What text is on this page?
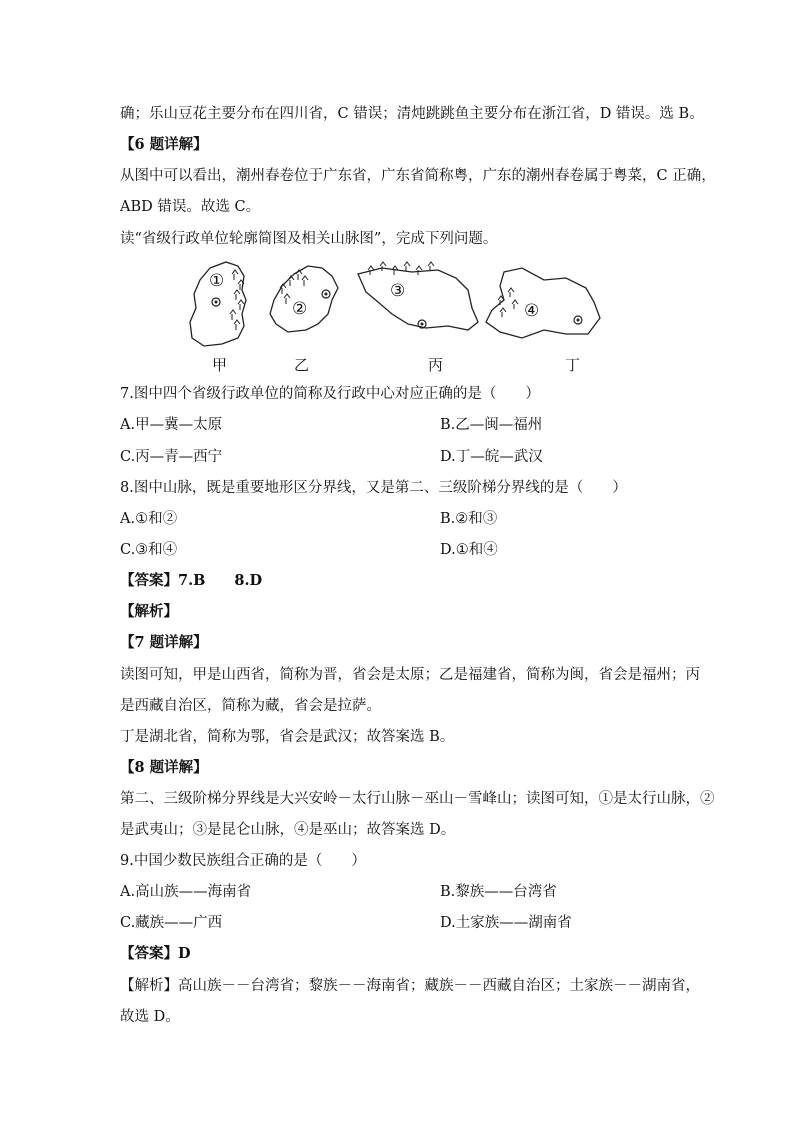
确；乐山豆花主要分布在四川省，C 错误；清炖跳跳鱼主要分布在浙江省，D 错误。选 B。
【6 题详解】
从图中可以看出，潮州春卷位于广东省，广东省简称粤，广东的潮州春卷属于粤菜，C 正确，
ABD 错误。故选 C。
读“省级行政单位轮廓简图及相关山脉图”，完成下列问题。
①
②
③
④
甲	乙	丙	丁
7.图中四个省级行政单位的简称及行政中心对应正确的是（　　）
A.甲—冀—太原	B.乙—闽—福州
C.丙—青—西宁	D.丁—皖—武汉
8.图中山脉，既是重要地形区分界线，又是第二、三级阶梯分界线的是（　　）
A.①和②	B.②和③
C.③和④	D.①和④
【答案】7.B　　8.D
【解析】
【7 题详解】
读图可知，甲是山西省，简称为晋，省会是太原；乙是福建省，简称为闽，省会是福州；丙
是西藏自治区，简称为藏，省会是拉萨。
丁是湖北省，简称为鄂，省会是武汉；故答案选 B。
【8 题详解】
第二、三级阶梯分界线是大兴安岭－太行山脉－巫山－雪峰山；读图可知，①是太行山脉，②
是武夷山；③是昆仑山脉，④是巫山；故答案选 D。
9.中国少数民族组合正确的是（　　）
A.高山族——海南省	B.黎族——台湾省
C.藏族——广西	D.土家族——湖南省
【答案】D
【解析】高山族－－台湾省；黎族－－海南省；藏族－－西藏自治区；土家族－－湖南省，
故选 D。
